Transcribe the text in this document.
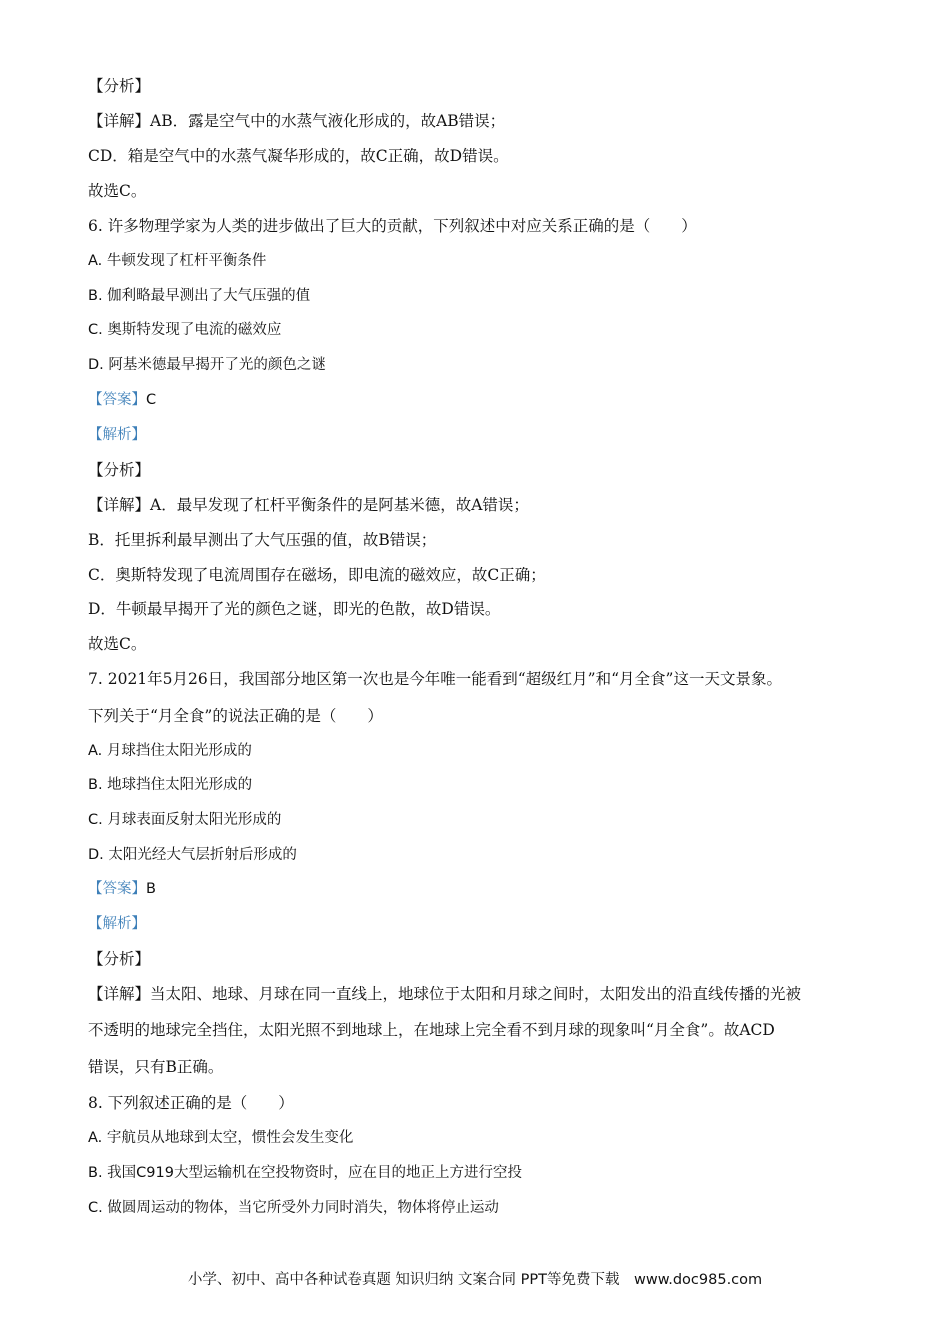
【分析】
【详解】AB．露是空气中的水蒸气液化形成的，故AB错误；
CD．箱是空气中的水蒸气凝华形成的，故C正确，故D错误。
故选C。
6. 许多物理学家为人类的进步做出了巨大的贡献，下列叙述中对应关系正确的是（　　）
A. 牛顿发现了杠杆平衡条件
B. 伽利略最早测出了大气压强的值
C. 奥斯特发现了电流的磁效应
D. 阿基米德最早揭开了光的颜色之谜
【答案】C
【解析】
【分析】
【详解】A．最早发现了杠杆平衡条件的是阿基米德，故A错误；
B．托里拆利最早测出了大气压强的值，故B错误；
C．奥斯特发现了电流周围存在磁场，即电流的磁效应，故C正确；
D．牛顿最早揭开了光的颜色之谜，即光的色散，故D错误。
故选C。
7. 2021年5月26日，我国部分地区第一次也是今年唯一能看到“超级红月”和“月全食”这一天文景象。
下列关于“月全食”的说法正确的是（　　）
A. 月球挡住太阳光形成的
B. 地球挡住太阳光形成的
C. 月球表面反射太阳光形成的
D. 太阳光经大气层折射后形成的
【答案】B
【解析】
【分析】
【详解】当太阳、地球、月球在同一直线上，地球位于太阳和月球之间时，太阳发出的沿直线传播的光被
不透明的地球完全挡住，太阳光照不到地球上，在地球上完全看不到月球的现象叫“月全食”。故ACD
错误，只有B正确。
8. 下列叙述正确的是（　　）
A. 宇航员从地球到太空，惯性会发生变化
B. 我国C919大型运输机在空投物资时，应在目的地正上方进行空投
C. 做圆周运动的物体，当它所受外力同时消失，物体将停止运动
小学、初中、高中各种试卷真题 知识归纳 文案合同 PPT等免费下载　www.doc985.com
